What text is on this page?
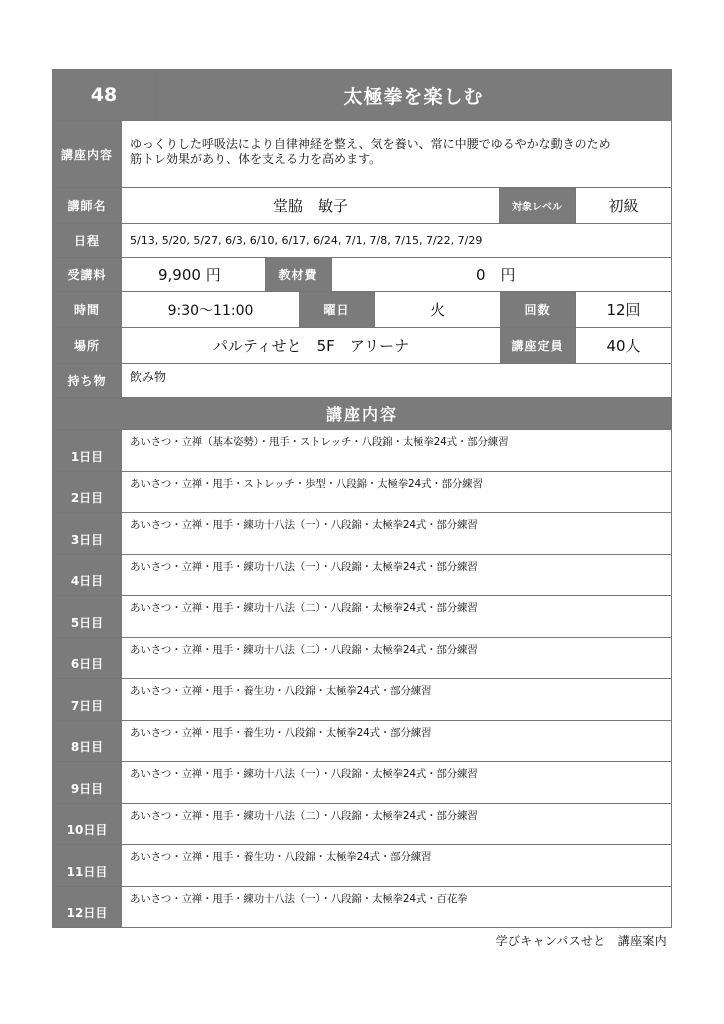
48	太極拳を楽しむ
講座内容
ゆっくりした呼吸法により自律神経を整え、気を養い、常に中腰でゆるやかな動きのため
筋トレ効果があり、体を支える力を高めます。
講師名	堂脇　敏子	対象レベル	初級
日程	5/13, 5/20, 5/27, 6/3, 6/10, 6/17, 6/24, 7/1, 7/8, 7/15, 7/22, 7/29
受講料	9,900 円	教材費	0　円
時間	9:30～11:00	曜日	火	回数	12回
場所	パルティせと　5F　アリーナ	講座定員	40人
持ち物	飲み物
講座内容
1日目
あいさつ・立禅（基本姿勢）・甩手・ストレッチ・八段錦・太極拳24式・部分練習
2日目
あいさつ・立禅・甩手・ストレッチ・歩型・八段錦・太極拳24式・部分練習
3日目
あいさつ・立禅・甩手・練功十八法（一）・八段錦・太極拳24式・部分練習
4日目
あいさつ・立禅・甩手・練功十八法（一）・八段錦・太極拳24式・部分練習
5日目
あいさつ・立禅・甩手・練功十八法（二）・八段錦・太極拳24式・部分練習
6日目
あいさつ・立禅・甩手・練功十八法（二）・八段錦・太極拳24式・部分練習
7日目
あいさつ・立禅・甩手・養生功・八段錦・太極拳24式・部分練習
8日目
あいさつ・立禅・甩手・養生功・八段錦・太極拳24式・部分練習
9日目
あいさつ・立禅・甩手・練功十八法（一）・八段錦・太極拳24式・部分練習
10日目
あいさつ・立禅・甩手・練功十八法（二）・八段錦・太極拳24式・部分練習
11日目
あいさつ・立禅・甩手・養生功・八段錦・太極拳24式・部分練習
12日目
あいさつ・立禅・甩手・練功十八法（一）・八段錦・太極拳24式・百花拳
学びキャンパスせと　講座案内
